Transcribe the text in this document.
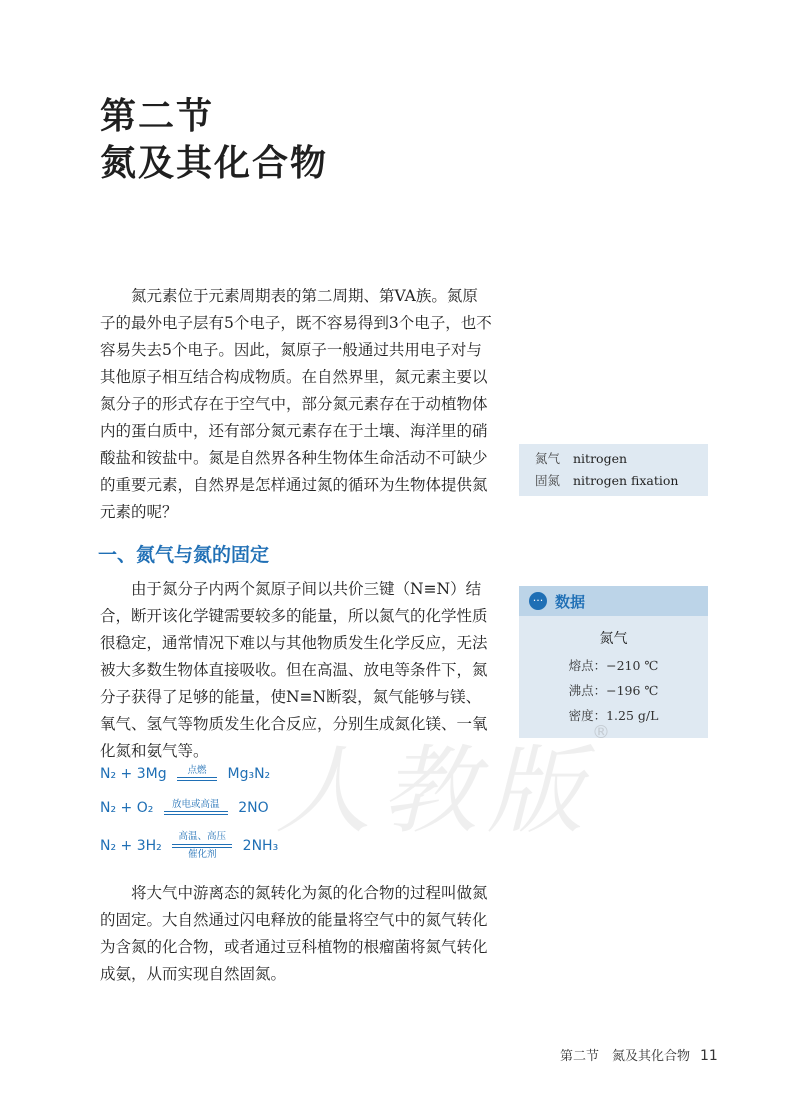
第二节
氮及其化合物
氮元素位于元素周期表的第二周期、第VA族。氮原
子的最外电子层有5个电子，既不容易得到3个电子，也不
容易失去5个电子。因此，氮原子一般通过共用电子对与
其他原子相互结合构成物质。在自然界里，氮元素主要以
氮分子的形式存在于空气中，部分氮元素存在于动植物体
内的蛋白质中，还有部分氮元素存在于土壤、海洋里的硝
酸盐和铵盐中。氮是自然界各种生物体生命活动不可缺少
的重要元素，自然界是怎样通过氮的循环为生物体提供氮
元素的呢？
氮气 nitrogen
固氮 nitrogen fixation
一、氮气与氮的固定
由于氮分子内两个氮原子间以共价三键（N≡N）结
合，断开该化学键需要较多的能量，所以氮气的化学性质
很稳定，通常情况下难以与其他物质发生化学反应，无法
被大多数生物体直接吸收。但在高温、放电等条件下，氮
分子获得了足够的能量，使N≡N断裂，氮气能够与镁、
氧气、氢气等物质发生化合反应，分别生成氮化镁、一氧
化氮和氨气等。
··· 数据
氮气
熔点：−210 ℃
沸点：−196 ℃
密度：1.25 g/L
人教版
®
N₂ + 3Mg	点燃	Mg₃N₂
N₂ + O₂	放电或高温	2NO
N₂ + 3H₂
高温、高压
催化剂
2NH₃
将大气中游离态的氮转化为氮的化合物的过程叫做氮
的固定。大自然通过闪电释放的能量将空气中的氮气转化
为含氮的化合物，或者通过豆科植物的根瘤菌将氮气转化
成氨，从而实现自然固氮。
第二节　氮及其化合物 11
